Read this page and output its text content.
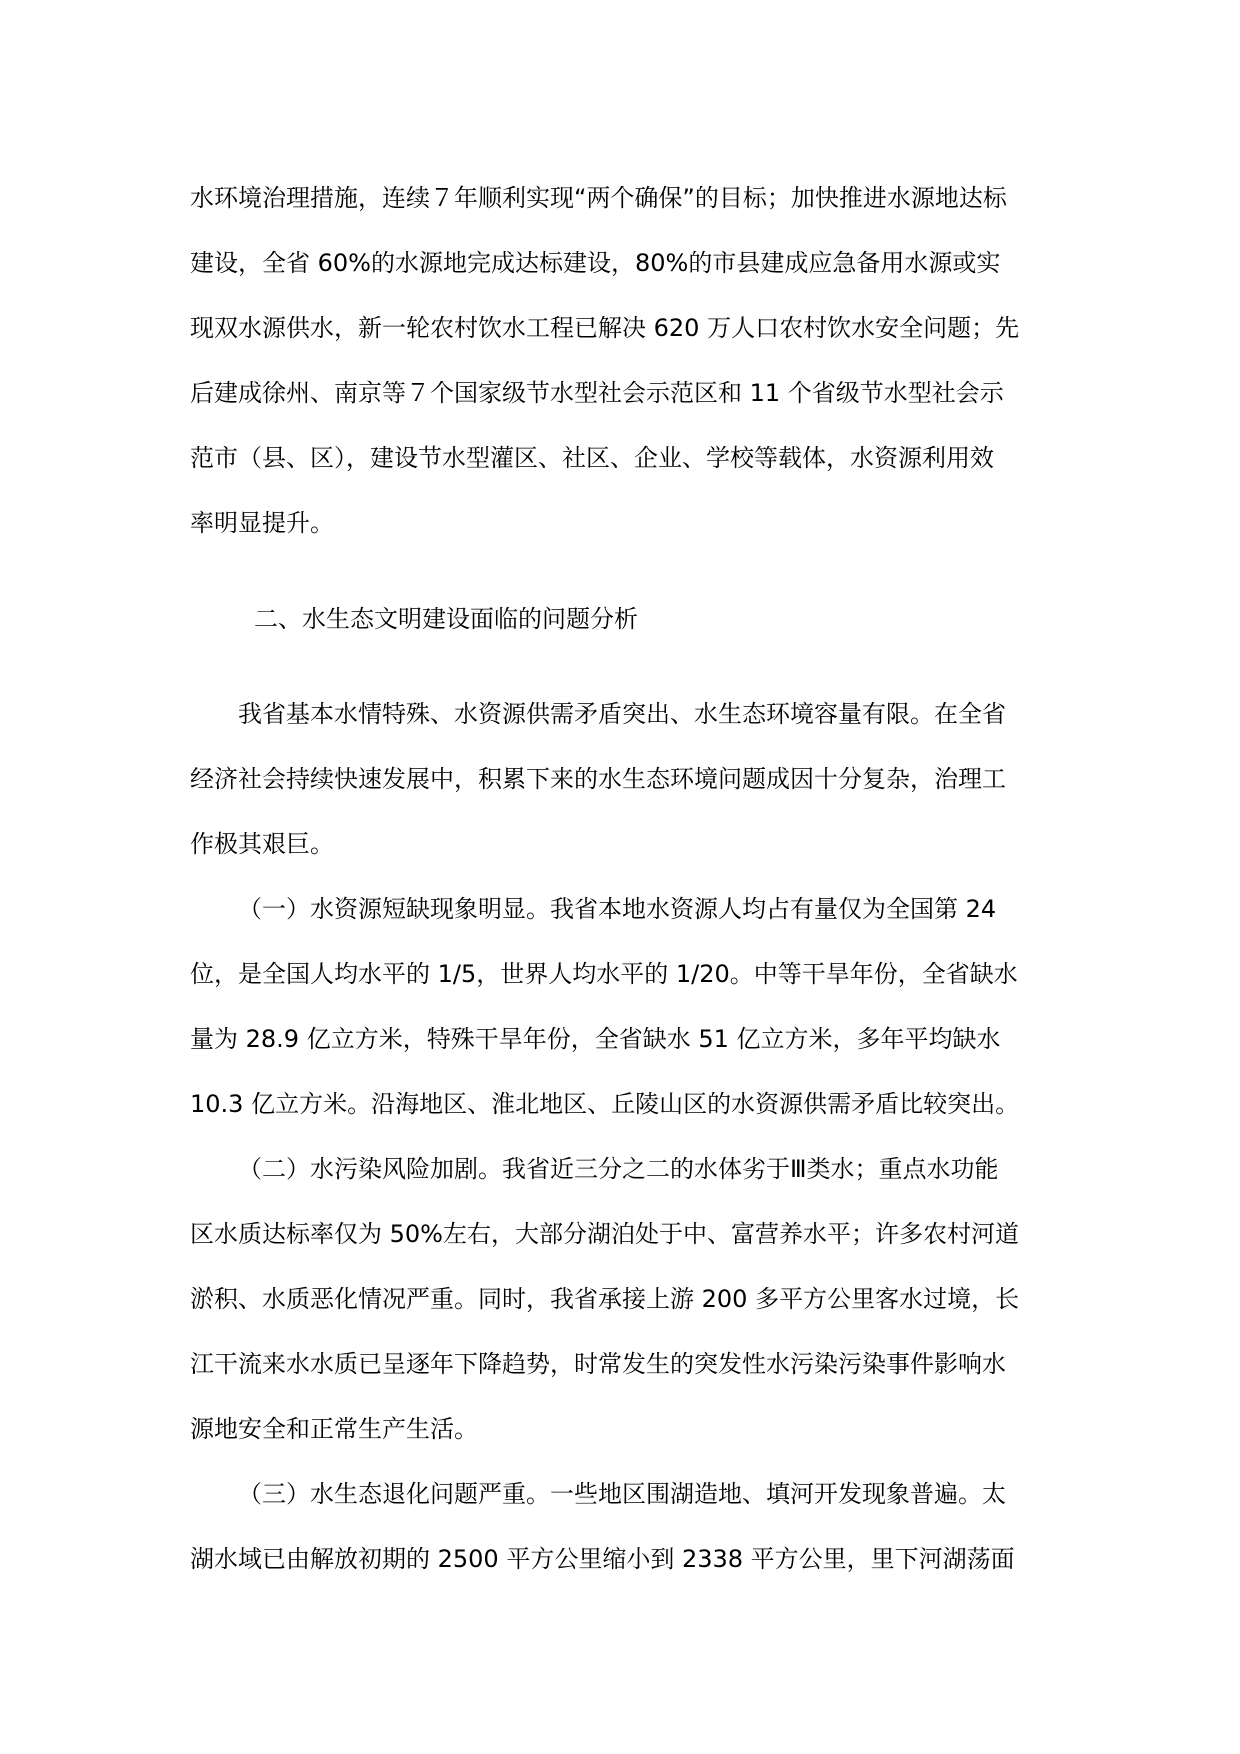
水环境治理措施，连续７年顺利实现“两个确保”的目标；加快推进水源地达标
建设，全省 60%的水源地完成达标建设，80%的市县建成应急备用水源或实
现双水源供水，新一轮农村饮水工程已解决 620 万人口农村饮水安全问题；先
后建成徐州、南京等７个国家级节水型社会示范区和 11 个省级节水型社会示
范市（县、区），建设节水型灌区、社区、企业、学校等载体，水资源利用效
率明显提升。
二、水生态文明建设面临的问题分析
我省基本水情特殊、水资源供需矛盾突出、水生态环境容量有限。在全省
经济社会持续快速发展中，积累下来的水生态环境问题成因十分复杂，治理工
作极其艰巨。
（一）水资源短缺现象明显。我省本地水资源人均占有量仅为全国第 24
位，是全国人均水平的 1/5，世界人均水平的 1/20。中等干旱年份，全省缺水
量为 28.9 亿立方米，特殊干旱年份，全省缺水 51 亿立方米，多年平均缺水
10.3 亿立方米。沿海地区、淮北地区、丘陵山区的水资源供需矛盾比较突出。
（二）水污染风险加剧。我省近三分之二的水体劣于Ⅲ类水；重点水功能
区水质达标率仅为 50%左右，大部分湖泊处于中、富营养水平；许多农村河道
淤积、水质恶化情况严重。同时，我省承接上游 200 多平方公里客水过境，长
江干流来水水质已呈逐年下降趋势，时常发生的突发性水污染污染事件影响水
源地安全和正常生产生活。
（三）水生态退化问题严重。一些地区围湖造地、填河开发现象普遍。太
湖水域已由解放初期的 2500 平方公里缩小到 2338 平方公里，里下河湖荡面
